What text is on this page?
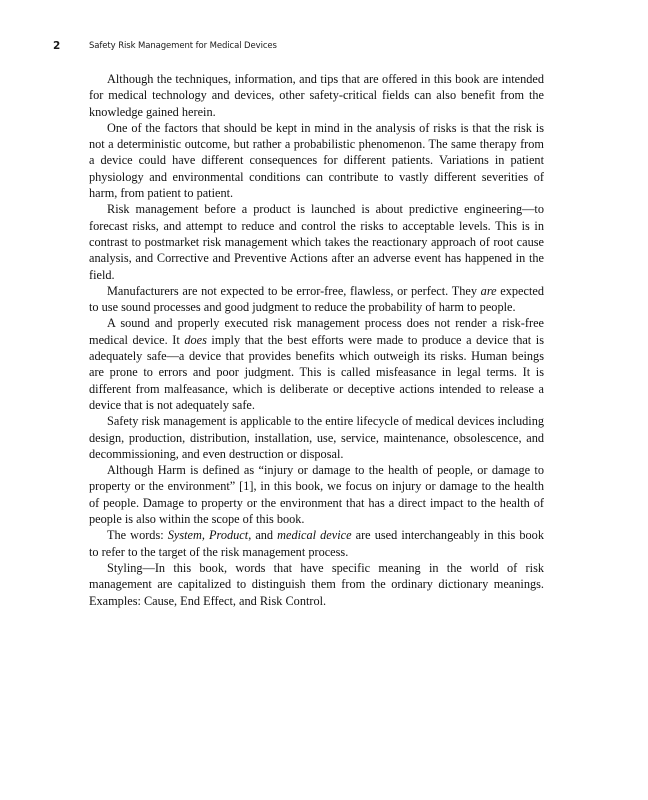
2	Safety Risk Management for Medical Devices

Although the techniques, information, and tips that are offered in this book are intended for medical technology and devices, other safety-critical fields can also benefit from the knowledge gained herein.

One of the factors that should be kept in mind in the analysis of risks is that the risk is not a deterministic outcome, but rather a probabilistic phenomenon. The same therapy from a device could have different consequences for different patients. Variations in patient physiology and environmental conditions can contribute to vastly different severities of harm, from patient to patient.

Risk management before a product is launched is about predictive engineering—to forecast risks, and attempt to reduce and control the risks to acceptable levels. This is in contrast to postmarket risk management which takes the reactionary approach of root cause analysis, and Corrective and Preventive Actions after an adverse event has happened in the field.

Manufacturers are not expected to be error-free, flawless, or perfect. They are expected to use sound processes and good judgment to reduce the probability of harm to people.

A sound and properly executed risk management process does not render a risk-free medical device. It does imply that the best efforts were made to produce a device that is adequately safe—a device that provides benefits which outweigh its risks. Human beings are prone to errors and poor judgment. This is called misfeasance in legal terms. It is different from malfeasance, which is deliberate or deceptive actions intended to release a device that is not adequately safe.

Safety risk management is applicable to the entire lifecycle of medical devices including design, production, distribution, installation, use, service, maintenance, obsolescence, and decommissioning, and even destruction or disposal.

Although Harm is defined as “injury or damage to the health of people, or damage to property or the environment” [1], in this book, we focus on injury or damage to the health of people. Damage to property or the environment that has a direct impact to the health of people is also within the scope of this book.

The words: System, Product, and medical device are used interchangeably in this book to refer to the target of the risk management process.

Styling—In this book, words that have specific meaning in the world of risk management are capitalized to distinguish them from the ordinary dictionary meanings. Examples: Cause, End Effect, and Risk Control.
